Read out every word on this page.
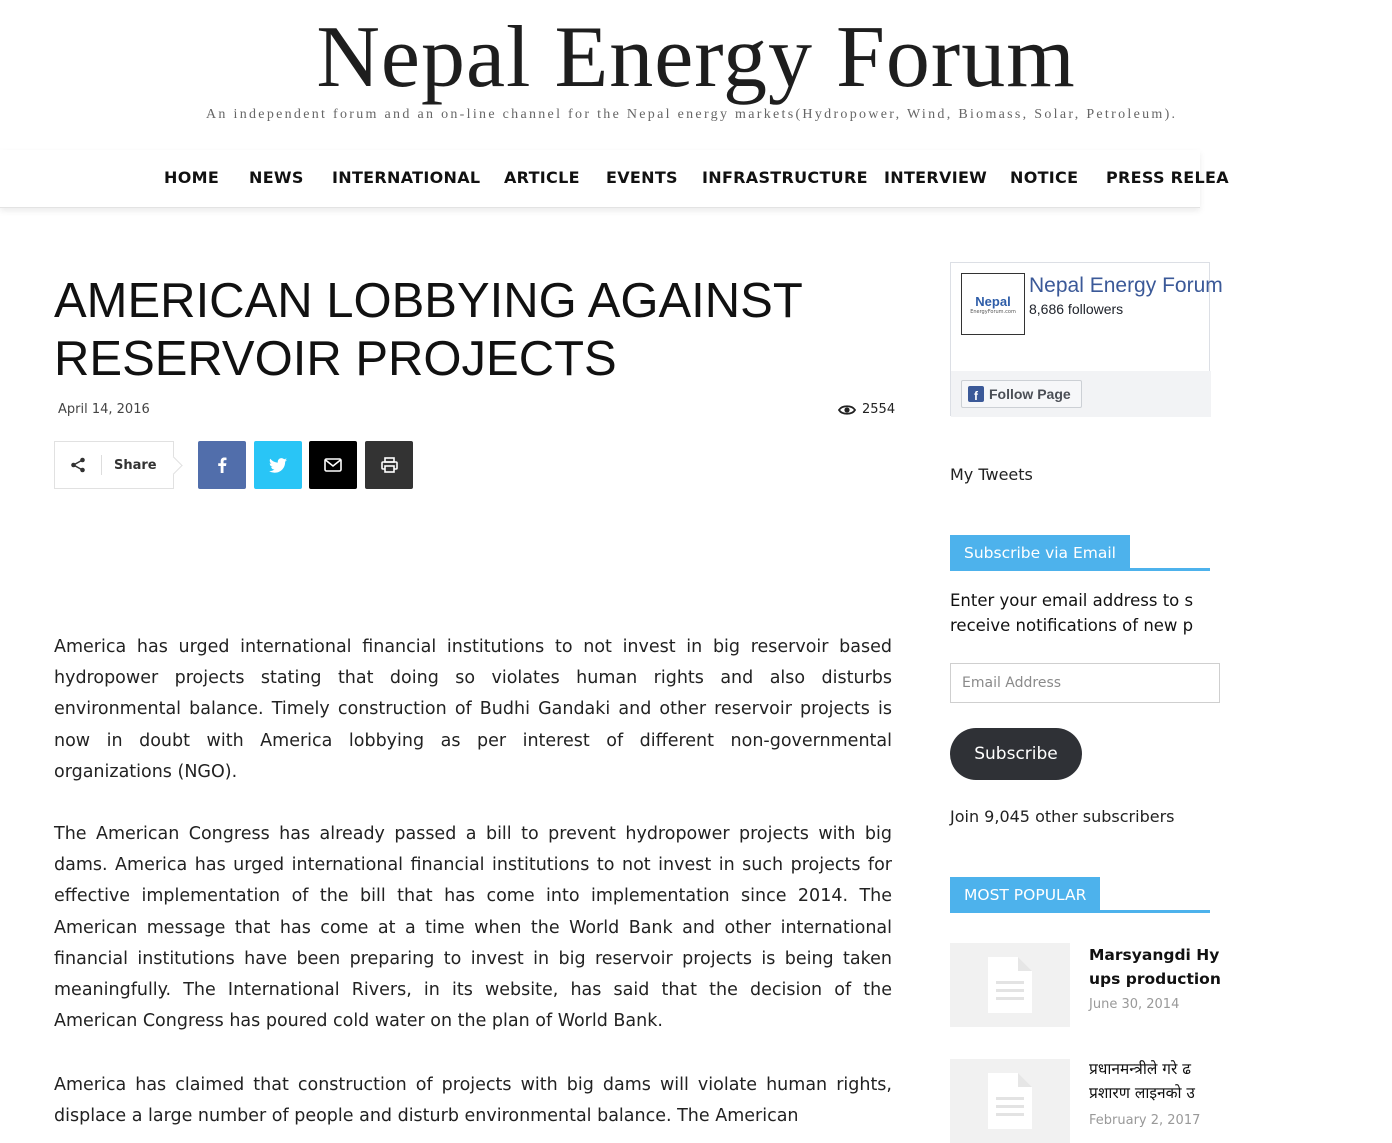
Nepal Energy Forum
An independent forum and an on-line channel for the Nepal energy markets(Hydropower, Wind, Biomass, Solar, Petroleum).
HOME NEWS INTERNATIONAL ARTICLE EVENTS INFRASTRUCTURE INTERVIEW NOTICE PRESS RELEA
AMERICAN LOBBYING AGAINST RESERVOIR PROJECTS
April 14, 2016	2554
Share

America has urged international financial institutions to not invest in big reservoir based hydropower projects stating that doing so violates human rights and also disturbs environmental balance. Timely construction of Budhi Gandaki and other reservoir projects is now in doubt with America lobbying as per interest of different non-governmental organizations (NGO).

The American Congress has already passed a bill to prevent hydropower projects with big dams. America has urged international financial institutions to not invest in such projects for effective implementation of the bill that has come into implementation since 2014. The American message that has come at a time when the World Bank and other international financial institutions have been preparing to invest in big reservoir projects is being taken meaningfully. The International Rivers, in its website, has said that the decision of the American Congress has poured cold water on the plan of World Bank.

America has claimed that construction of projects with big dams will violate human rights, displace a large number of people and disturb environmental balance. The American

Nepal
EnergyForum.com
Nepal Energy Forum
8,686 followers
f Follow Page
My Tweets
Subscribe via Email
Enter your email address to s
receive notifications of new p
Email Address
Subscribe
Join 9,045 other subscribers
MOST POPULAR
Marsyangdi Hy
ups production
June 30, 2014
प्रधानमन्त्रीले गरे ढ
प्रशारण लाइनको उ
February 2, 2017
